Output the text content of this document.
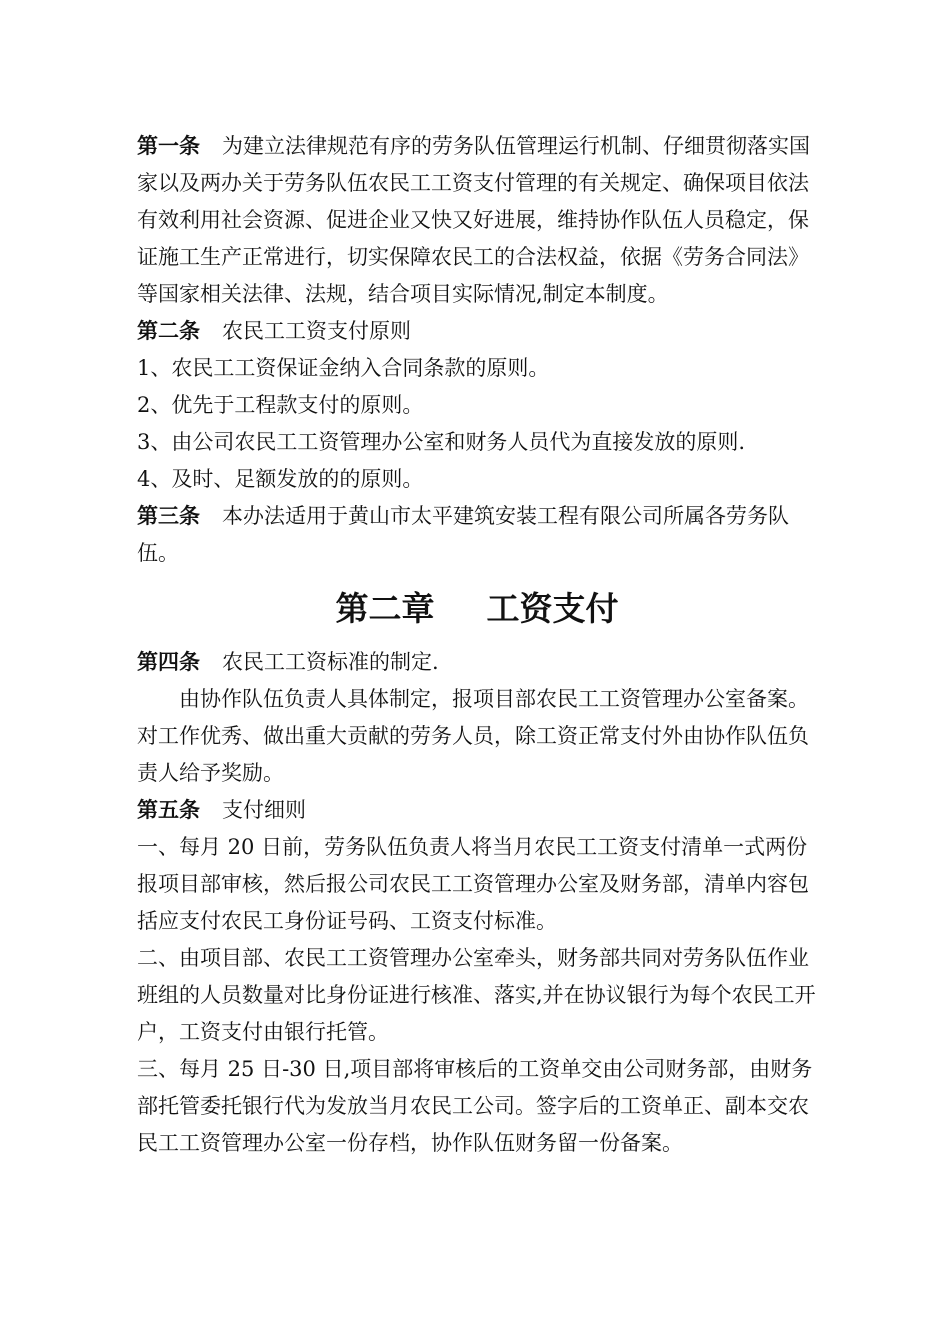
第一条 为建立法律规范有序的劳务队伍管理运行机制、仔细贯彻落实国家以及两办关于劳务队伍农民工工资支付管理的有关规定、确保项目依法有效利用社会资源、促进企业又快又好进展，维持协作队伍人员稳定，保证施工生产正常进行，切实保障农民工的合法权益，依据《劳务合同法》等国家相关法律、法规，结合项目实际情况,制定本制度。

第二条 农民工工资支付原则

1、农民工工资保证金纳入合同条款的原则。

2、优先于工程款支付的原则。

3、由公司农民工工资管理办公室和财务人员代为直接发放的原则.

4、及时、足额发放的的原则。

第三条 本办法适用于黄山市太平建筑安装工程有限公司所属各劳务队伍。

第二章 工资支付

第四条 农民工工资标准的制定.

由协作队伍负责人具体制定，报项目部农民工工资管理办公室备案。对工作优秀、做出重大贡献的劳务人员，除工资正常支付外由协作队伍负责人给予奖励。

第五条 支付细则

一、每月 20 日前，劳务队伍负责人将当月农民工工资支付清单一式两份报项目部审核，然后报公司农民工工资管理办公室及财务部，清单内容包括应支付农民工身份证号码、工资支付标准。

二、由项目部、农民工工资管理办公室牵头，财务部共同对劳务队伍作业班组的人员数量对比身份证进行核准、落实,并在协议银行为每个农民工开户，工资支付由银行托管。

三、每月 25 日-30 日,项目部将审核后的工资单交由公司财务部，由财务部托管委托银行代为发放当月农民工公司。签字后的工资单正、副本交农民工工资管理办公室一份存档，协作队伍财务留一份备案。
